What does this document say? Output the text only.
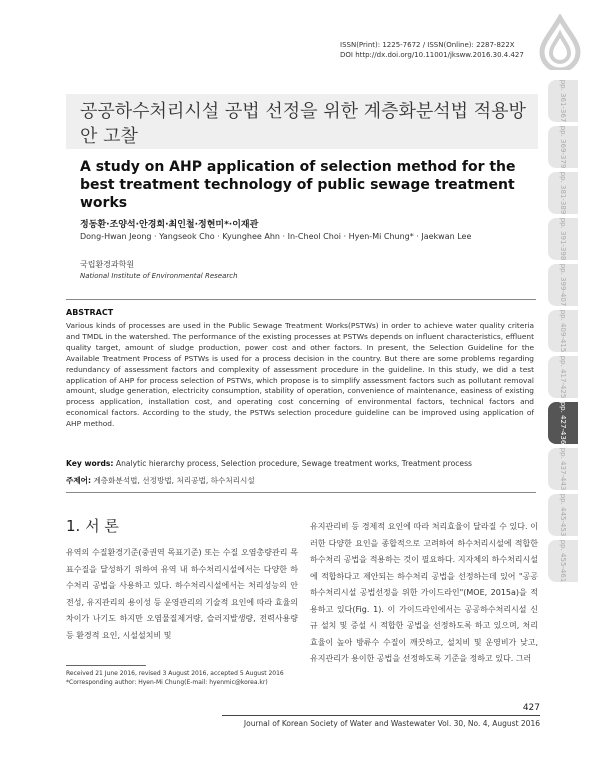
ISSN(Print): 1225-7672 / ISSN(Online): 2287-822X
DOI http://dx.doi.org/10.11001/jksww.2016.30.4.427
공공하수처리시설 공법 선정을 위한 계층화분석법 적용방안 고찰
A study on AHP application of selection method for the best treatment technology of public sewage treatment works
정동환·조양석·안경희·최인철·정현미*·이재관
Dong-Hwan Jeong · Yangseok Cho · Kyunghee Ahn · In-Cheol Choi · Hyen-Mi Chung* · Jaekwan Lee
국립환경과학원
National Institute of Environmental Research
ABSTRACT
Various kinds of processes are used in the Public Sewage Treatment Works(PSTWs) in order to achieve water quality criteria and TMDL in the watershed. The performance of the existing processes at PSTWs depends on influent characteristics, effluent quality target, amount of sludge production, power cost and other factors. In present, the Selection Guideline for the Available Treatment Process of PSTWs is used for a process decision in the country. But there are some problems regarding redundancy of assessment factors and complexity of assessment procedure in the guideline. In this study, we did a test application of AHP for process selection of PSTWs, which propose is to simplify assessment factors such as pollutant removal amount, sludge generation, electricity consumption, stability of operation, convenience of maintenance, easiness of existing process application, installation cost, and operating cost concerning of environmental factors, technical factors and economical factors. According to the study, the PSTWs selection procedure guideline can be improved using application of AHP method.
Key words: Analytic hierarchy process, Selection procedure, Sewage treatment works, Treatment process
주제어: 계층화분석법, 선정방법, 처리공법, 하수처리시설
1. 서 론
유역의 수질환경기준(중권역 목표기준) 또는 수질 오염총량관리 목표수질을 달성하기 위하여 유역 내 하수처리시설에서는 다양한 하수처리 공법을 사용하고 있다. 하수처리시설에서는 처리성능의 안전성, 유지관리의 용이성 등 운영관리의 기술적 요인에 따라 효율의 차이가 나기도 하지만 오염물질제거량, 슬러지발생량, 전력사용량 등 환경적 요인, 시설설치비 및
유지관리비 등 경제적 요인에 따라 처리효율이 달라질 수 있다. 이러한 다양한 요인을 종합적으로 고려하여 하수처리시설에 적합한 하수처리 공법을 적용하는 것이 필요하다. 지자체의 하수처리시설에 적합하다고 제안되는 하수처리 공법을 선정하는데 있어 "공공하수처리시설 공법선정을 위한 가이드라인"(MOE, 2015a)을 적용하고 있다(Fig. 1). 이 가이드라인에서는 공공하수처리시설 신규 설치 및 증설 시 적합한 공법을 선정하도록 하고 있으며, 처리효율이 높아 방류수 수질이 깨끗하고, 설치비 및 운영비가 낮고, 유지관리가 용이한 공법을 선정하도록 기준을 정하고 있다. 그러
Received 21 June 2016, revised 3 August 2016, accepted 5 August 2016
*Corresponding author: Hyen-Mi Chung(E-mail: hyenmic@korea.kr)
427
Journal of Korean Society of Water and Wastewater Vol. 30, No. 4, August 2016
pp. 361-367
pp. 369-379
pp. 381-389
pp. 391-398
pp. 399-407
pp. 409-415
pp. 417-425
pp. 427-436
pp. 437-443
pp. 445-453
pp. 455-461
